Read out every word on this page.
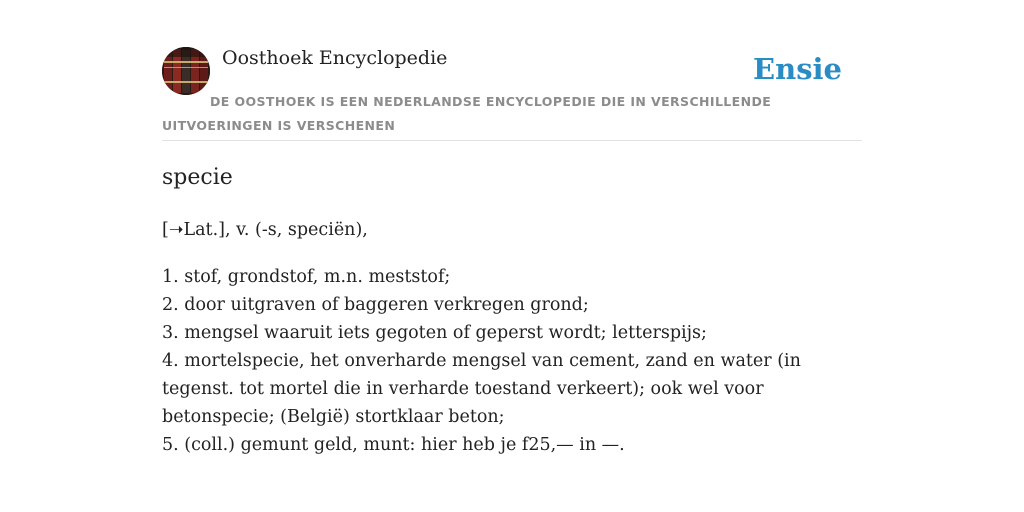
Oosthoek Encyclopedie	Ensie
DE OOSTHOEK IS EEN NEDERLANDSE ENCYCLOPEDIE DIE IN VERSCHILLENDE UITVOERINGEN IS VERSCHENEN
specie

[➝Lat.], v. (-s, speciën),

1. stof, grondstof, m.n. meststof;
2. door uitgraven of baggeren verkregen grond;
3. mengsel waaruit iets gegoten of geperst wordt; letterspijs;
4. mortelspecie, het onverharde mengsel van cement, zand en water (in tegenst. tot mortel die in verharde toestand verkeert); ook wel voor betonspecie; (België) stortklaar beton;
5. (coll.) gemunt geld, munt: hier heb je f25,— in —.
